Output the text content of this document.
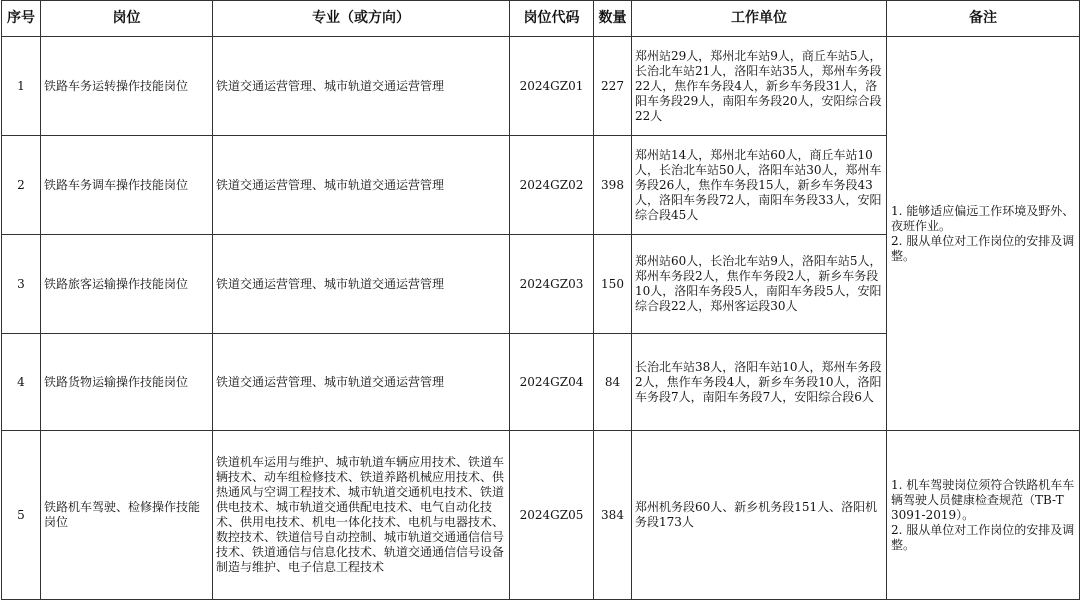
序号	岗位	专业（或方向）	岗位代码	数量	工作单位	备注
1	铁路车务运转操作技能岗位	铁道交通运营管理、城市轨道交通运营管理	2024GZ01	227	郑州站29人，郑州北车站9人，商丘车站5人，长治北车站21人，洛阳车站35人，郑州车务段22人，焦作车务段4人，新乡车务段31人，洛阳车务段29人，南阳车务段20人，安阳综合段22人	1. 能够适应偏远工作环境及野外、夜班作业。
2. 服从单位对工作岗位的安排及调整。

2	铁路车务调车操作技能岗位	铁道交通运营管理、城市轨道交通运营管理	2024GZ02	398	郑州站14人，郑州北车站60人，商丘车站10人，长治北车站50人，洛阳车站30人，郑州车务段26人，焦作车务段15人，新乡车务段43人，洛阳车务段72人，南阳车务段33人，安阳综合段45人	
3	铁路旅客运输操作技能岗位	铁道交通运营管理、城市轨道交通运营管理	2024GZ03	150	郑州站60人，长治北车站9人，洛阳车站5人，郑州车务段2人，焦作车务段2人，新乡车务段10人，洛阳车务段5人，南阳车务段5人，安阳综合段22人，郑州客运段30人	
4	铁路货物运输操作技能岗位	铁道交通运营管理、城市轨道交通运营管理	2024GZ04	84	长治北车站38人，洛阳车站10人，郑州车务段2人，焦作车务段4人，新乡车务段10人，洛阳车务段7人，南阳车务段7人，安阳综合段6人	
5	铁路机车驾驶、检修操作技能岗位	铁道机车运用与维护、城市轨道车辆应用技术、铁道车辆技术、动车组检修技术、铁道养路机械应用技术、供热通风与空调工程技术、城市轨道交通机电技术、铁道供电技术、城市轨道交通供配电技术、电气自动化技术、供用电技术、机电一体化技术、电机与电器技术、数控技术、铁道信号自动控制、城市轨道交通通信信号技术、铁道通信与信息化技术、轨道交通通信信号设备制造与维护、电子信息工程技术	2024GZ05	384	郑州机务段60人、新乡机务段151人、洛阳机务段173人	1. 机车驾驶岗位须符合铁路机车车辆驾驶人员健康检查规范（TB-T 3091-2019）。
2. 服从单位对工作岗位的安排及调整。
